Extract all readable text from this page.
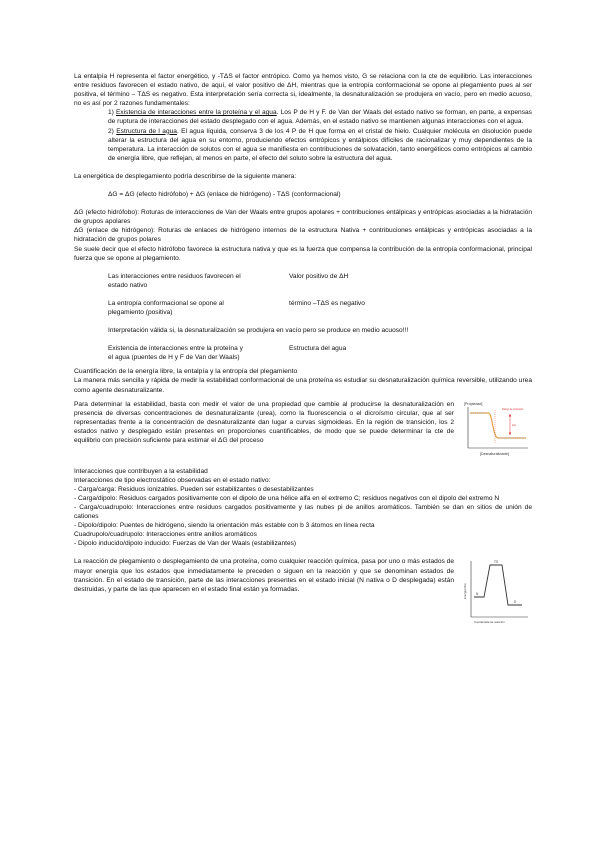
La entalpía H representa el factor energético, y -TΔS el factor entrópico. Como ya hemos visto, G se relaciona con la cte de equilibrio. Las interacciones entre residuos favorecen el estado nativo, de aquí, el valor positivo de ΔH, mientras que la entropía conformacional se opone al plegamiento pues al ser positiva, el término – TΔS es negativo. Esta interpretación sería correcta si, idealmente, la desnaturalización se produjera en vacío, pero en medio acuoso, no es así por 2 razones fundamentales:

1) Existencia de interacciones entre la proteína y el agua. Los P de H y F. de Van der Waals del estado nativo se forman, en parte, a expensas de ruptura de interacciones del estado desplegado con el agua. Además, en el estado nativo se mantienen algunas interacciones con el agua.

2) Estructura de l agua. El agua líquida, conserva 3 de los 4 P de H que forma en el cristal de hielo. Cualquier molécula en disolución puede alterar la estructura del agua en su entorno, produciendo efectos entrópicos y entálpicos difíciles de racionalizar y muy dependientes de la temperatura. La interacción de solutos con el agua se manifiesta en contribuciones de solvatación, tanto energéticos como entrópicos al cambio de energía libre, que reflejan, al menos en parte, el efecto del soluto sobre la estructura del agua.

La energética de desplegamiento podría describirse de la siguiente manera:

ΔG = ΔG (efecto hidrófobo) + ΔG (enlace de hidrógeno) - TΔS (conformacional)

ΔG (efecto hidrófobo): Roturas de interacciones de Van der Waals entre grupos apolares + contribuciones entálpicas y entrópicas asociadas a la hidratación de grupos apolares

ΔG (enlace de hidrógeno): Roturas de enlaces de hidrógeno internos de la estructura Nativa + contribuciones entálpicas y entrópicas asociadas a la hidratación de grupos polares

Se suele decir que el efecto hidrófobo favorece la estructura nativa y que es la fuerza que compensa la contribución de la entropía conformacional, principal fuerza que se opone al plegamiento.

Las interacciones entre residuos favorecen el estado nativo

Valor positivo de ΔH

La entropía conformacional se opone al plegamiento (positiva)

término –TΔS es negativo

Interpretación válida si, la desnaturalización se produjera en vacío pero se produce en medio acuoso!!!

Existencia de interacciones entre la proteína y el agua (puentes de H y F de Van der Waals)

Estructura del agua

Cuantificación de la energía libre, la entalpía y la entropía del plegamiento

La manera más sencilla y rápida de medir la estabilidad conformacional de una proteína es estudiar su desnaturalización química reversible, utilizando urea como agente desnaturalizante.

Para determinar la estabilidad, basta con medir el valor de una propiedad que cambie al producirse la desnaturalización en presencia de diversas concentraciones de desnaturalizante (urea), como la fluorescencia o el dicroísmo circular, que al ser representadas frente a la concentración de desnaturalizante dan lugar a curvas sigmoideas. En la región de transición, los 2 estados nativo y desplegado están presentes en proporciones cuantificables, de modo que se puede determinar la cte de equilibrio con precisión suficiente para estimar el ΔG del proceso

[Propiedad]
Rango de transición
ΔG
[Desnaturalizante]

Interacciones que contribuyen a la estabilidad

Interacciones de tipo electrostático observadas en el estado nativo:

- Carga/carga: Residuos ionizables. Pueden ser estabilizantes o desestabilizantes

- Carga/dipolo: Residuos cargados positivamente con el dipolo de una hélice alfa en el extremo C; residuos negativos con el dipolo del extremo N

- Carga/cuadrupolo: Interacciones entre residuos cargados positivamente y las nubes pi de anillos aromáticos. También se dan en sitios de unión de cationes

- Dipolo/dipolo: Puentes de hidrógeno, siendo la orientación más estable con b 3 átomos en línea recta

Cuadrupolo/cuadrupolo: Interacciones entre anillos aromáticos

- Dipolo inducido/dipolo inducido: Fuerzas de Van der Waals (estabilizantes)

La reacción de plegamiento o desplegamiento de una proteína, como cualquier reacción química, pasa por uno o más estados de mayor energía que los estados que inmediatamente le preceden o siguen en la reacción y que se denominan estados de transición. En el estado de transición, parte de las interacciones presentes en el estado inicial (N nativa o D desplegada) están destruidas, y parte de las que aparecen en el estado final están ya formadas.	Energía libre
TS
N
D
Coordenada de reacción
